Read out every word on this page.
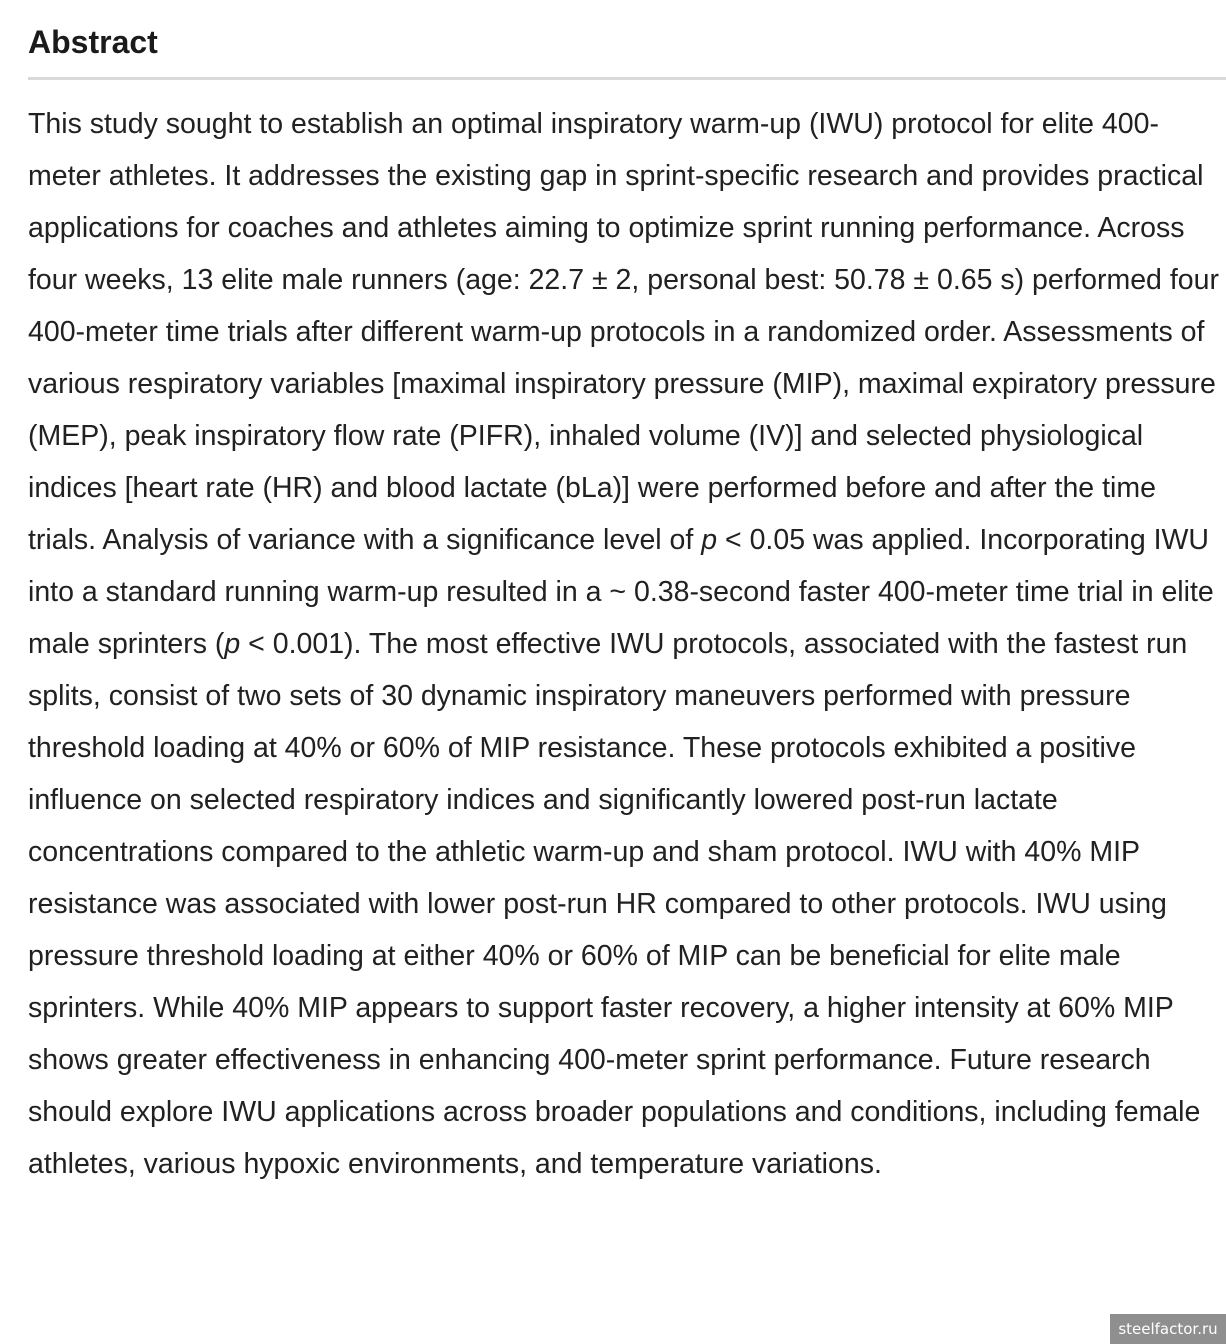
Abstract

This study sought to establish an optimal inspiratory warm-up (IWU) protocol for elite 400-meter athletes. It addresses the existing gap in sprint-specific research and provides practical applications for coaches and athletes aiming to optimize sprint running performance. Across four weeks, 13 elite male runners (age: 22.7 ± 2, personal best: 50.78 ± 0.65 s) performed four 400-meter time trials after different warm-up protocols in a randomized order. Assessments of various respiratory variables [maximal inspiratory pressure (MIP), maximal expiratory pressure (MEP), peak inspiratory flow rate (PIFR), inhaled volume (IV)] and selected physiological indices [heart rate (HR) and blood lactate (bLa)] were performed before and after the time trials. Analysis of variance with a significance level of p < 0.05 was applied. Incorporating IWU into a standard running warm-up resulted in a ~ 0.38-second faster 400-meter time trial in elite male sprinters (p < 0.001). The most effective IWU protocols, associated with the fastest run splits, consist of two sets of 30 dynamic inspiratory maneuvers performed with pressure threshold loading at 40% or 60% of MIP resistance. These protocols exhibited a positive influence on selected respiratory indices and significantly lowered post-run lactate concentrations compared to the athletic warm-up and sham protocol. IWU with 40% MIP resistance was associated with lower post-run HR compared to other protocols. IWU using pressure threshold loading at either 40% or 60% of MIP can be beneficial for elite male sprinters. While 40% MIP appears to support faster recovery, a higher intensity at 60% MIP shows greater effectiveness in enhancing 400-meter sprint performance. Future research should explore IWU applications across broader populations and conditions, including female athletes, various hypoxic environments, and temperature variations.

steelfactor.ru
